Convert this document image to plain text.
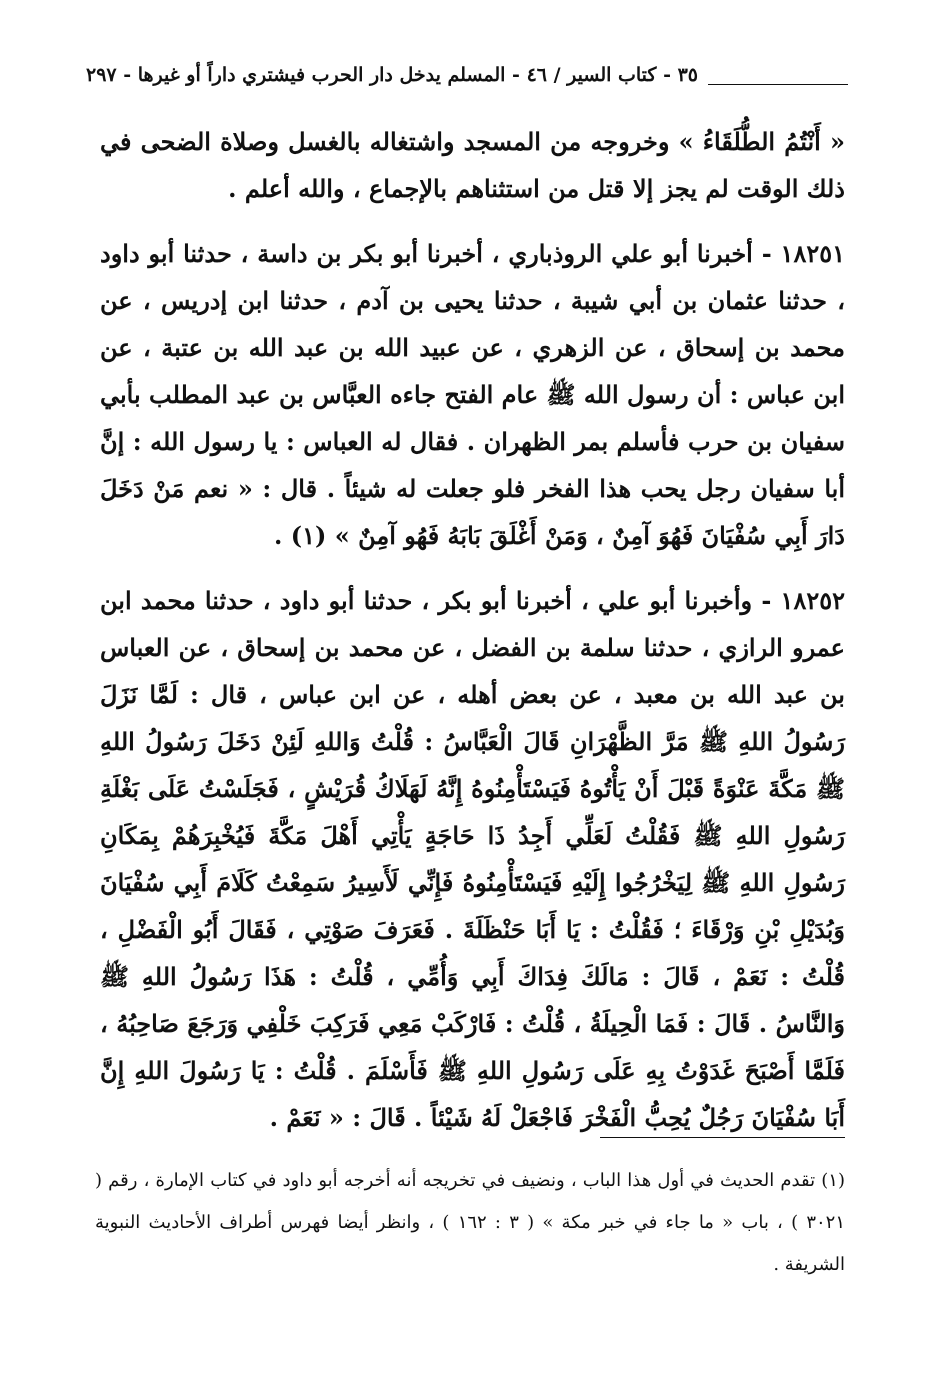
٣٥ - كتاب السير / ٤٦ - المسلم يدخل دار الحرب فيشتري داراً أو غيرها - ٢٩٧

« أَنْتُمُ الطُّلَقَاءُ » وخروجه من المسجد واشتغاله بالغسل وصلاة الضحى في ذلك الوقت لم يجز إلا قتل من استثناهم بالإجماع ، والله أعلم .

١٨٢٥١ - أخبرنا أبو علي الروذباري ، أخبرنا أبو بكر بن داسة ، حدثنا أبو داود ، حدثنا عثمان بن أبي شيبة ، حدثنا يحيى بن آدم ، حدثنا ابن إدريس ، عن محمد بن إسحاق ، عن الزهري ، عن عبيد الله بن عبد الله بن عتبة ، عن ابن عباس : أن رسول الله ﷺ عام الفتح جاءه العبَّاس بن عبد المطلب بأبي سفيان بن حرب فأسلم بمر الظهران . فقال له العباس : يا رسول الله : إنَّ أبا سفيان رجل يحب هذا الفخر فلو جعلت له شيئاً . قال : « نعم مَنْ دَخَلَ دَارَ أَبِي سُفْيَانَ فَهُوَ آمِنٌ ، وَمَنْ أَغْلَقَ بَابَهُ فَهُو آمِنٌ » (١) .

١٨٢٥٢ - وأخبرنا أبو علي ، أخبرنا أبو بكر ، حدثنا أبو داود ، حدثنا محمد ابن عمرو الرازي ، حدثنا سلمة بن الفضل ، عن محمد بن إسحاق ، عن العباس بن عبد الله بن معبد ، عن بعض أهله ، عن ابن عباس ، قال : لَمَّا نَزَلَ رَسُولُ اللهِ ﷺ مَرَّ الظَّهْرَانِ قَالَ الْعَبَّاسُ : قُلْتُ وَاللهِ لَئِنْ دَخَلَ رَسُولُ اللهِ ﷺ مَكَّةَ عَنْوَةً قَبْلَ أَنْ يَأْتُوهُ فَيَسْتَأْمِنُوهُ إِنَّهُ لَهَلَاكُ قُرَيْشٍ ، فَجَلَسْتُ عَلَى بَغْلَةِ رَسُولِ اللهِ ﷺ فَقُلْتُ لَعَلِّي أَجِدُ ذَا حَاجَةٍ يَأْتِي أَهْلَ مَكَّةَ فَيُخْبِرَهُمْ بِمَكَانِ رَسُولِ اللهِ ﷺ لِيَخْرُجُوا إِلَيْهِ فَيَسْتَأْمِنُوهُ فَإِنِّي لَأَسِيرُ سَمِعْتُ كَلَامَ أَبِي سُفْيَانَ وَبُدَيْلِ بْنِ وَرْقَاءَ ؛ فَقُلْتُ : يَا أَبَا حَنْظَلَةَ . فَعَرَفَ صَوْتِي ، فَقَالَ أَبُو الْفَضْلِ ، قُلْتُ : نَعَمْ ، قَالَ : مَالَكَ فِدَاكَ أَبِي وَأُمِّي ، قُلْتُ : هَذَا رَسُولُ اللهِ ﷺ وَالنَّاسُ . قَالَ : فَمَا الْحِيلَةُ ، قُلْتُ : فَارْكَبْ مَعِي فَرَكِبَ خَلْفِي وَرَجَعَ صَاحِبُهُ ، فَلَمَّا أَصْبَحَ غَدَوْتُ بِهِ عَلَى رَسُولِ اللهِ ﷺ فَأَسْلَمَ . قُلْتُ : يَا رَسُولَ اللهِ إِنَّ أَبَا سُفْيَانَ رَجُلٌ يُحِبُّ الْفَخْرَ فَاجْعَلْ لَهُ شَيْئاً . قَالَ : « نَعَمْ .

(١) تقدم الحديث في أول هذا الباب ، ونضيف في تخريجه أنه أخرجه أبو داود في كتاب الإمارة ، رقم ( ٣٠٢١ ) ، باب « ما جاء في خبر مكة » ( ٣ : ١٦٢ ) ، وانظر أيضا فهرس أطراف الأحاديث النبوية الشريفة .
